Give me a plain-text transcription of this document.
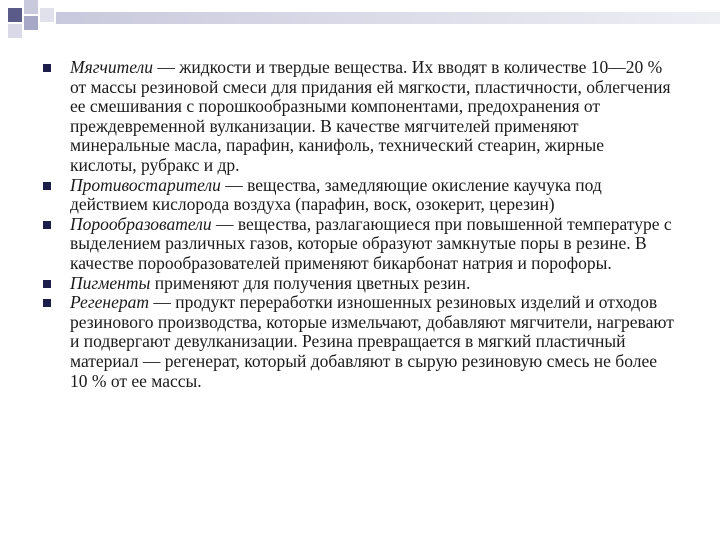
Мягчители — жидкости и твердые вещества. Их вводят в количестве 10—20 % от массы резиновой смеси для придания ей мягкости, пластичности, облегчения ее смешивания с порошкообразными компонентами, предохранения от преждевременной вулканизации. В качестве мягчителей применяют минеральные масла, парафин, канифоль, технический стеарин, жирные кислоты, рубракс и др.
Противостарители — вещества, замедляющие окисление каучука под действием кислорода воздуха (парафин, воск, озокерит, церезин)
Порообразователи — вещества, разлагающиеся при повышенной температуре с выделением различных газов, которые образуют замкнутые поры в резине. В качестве порообразователей применяют бикарбонат натрия и порофоры.
Пигменты применяют для получения цветных резин.
Регенерат — продукт переработки изношенных резиновых изделий и отходов резинового производства, которые измельчают, добавляют мягчители, нагревают и подвергают девулканизации. Резина превращается в мягкий пластичный материал — регенерат, который добавляют в сырую резиновую смесь не более 10 % от ее массы.
